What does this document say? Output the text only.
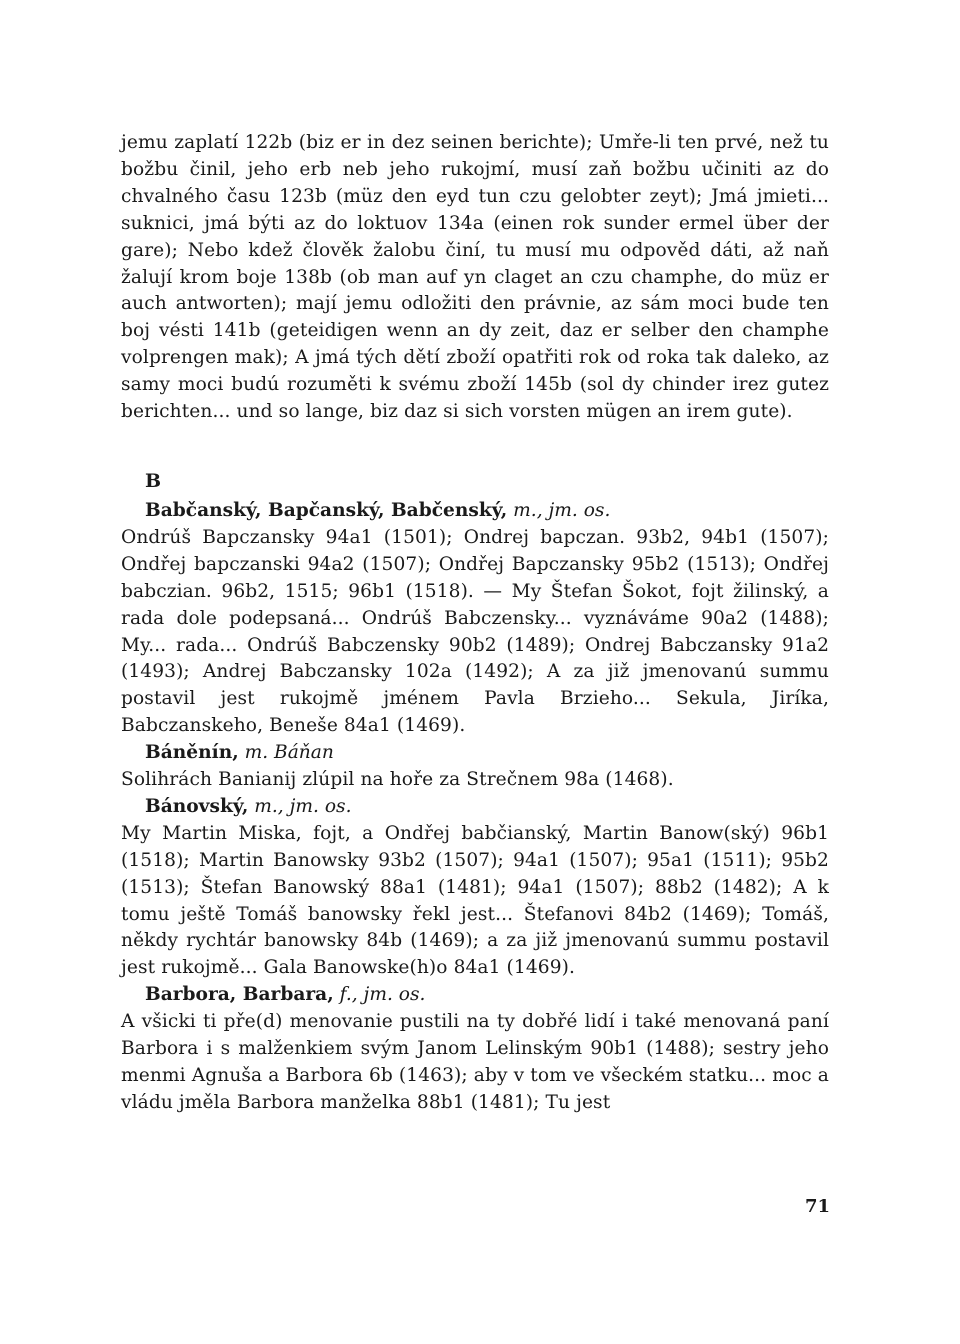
jemu zaplatí 122b (biz er in dez seinen berichte); Umře-li ten prvé, než tu božbu činil, jeho erb neb jeho rukojmí, musí zaň božbu učiniti az do chvalného času 123b (müz den eyd tun czu gelobter zeyt); Jmá jmieti... suknici, jmá býti az do loktuov 134a (einen rok sunder ermel über der gare); Nebo kdež člověk žalobu činí, tu musí mu odpověd dáti, až naň žalují krom boje 138b (ob man auf yn claget an czu champhe, do müz er auch antworten); mají jemu odložiti den právnie, az sám moci bude ten boj vésti 141b (geteidigen wenn an dy zeit, daz er selber den champhe volprengen mak); A jmá tých dětí zboží opatřiti rok od roka tak daleko, az samy moci budú rozuměti k svému zboží 145b (sol dy chinder irez gutez berichten... und so lange, biz daz si sich vorsten mügen an irem gute).

B
Babčanský, Bapčanský, Babčenský, m., jm. os.

Ondrúš Bapczansky 94a1 (1501); Ondrej bapczan. 93b2, 94b1 (1507); Ondřej bapczanski 94a2 (1507); Ondřej Bapczansky 95b2 (1513); Ondřej babczian. 96b2, 1515; 96b1 (1518). — My Štefan Šokot, fojt žilinský, a rada dole podepsaná... Ondrúš Babczensky... vyznáváme 90a2 (1488); My... rada... Ondrúš Babczensky 90b2 (1489); Ondrej Babczansky 91a2 (1493); Andrej Babczansky 102a (1492); A za již jmenovanú summu postavil jest rukojmě jménem Pavla Brzieho... Sekula, Jiríka, Babczanskeho, Beneše 84a1 (1469).

Báněnín, m. Báňan

Solihrách Banianij zlúpil na hoře za Strečnem 98a (1468).

Bánovský, m., jm. os.

My Martin Miska, fojt, a Ondřej babčianský, Martin Banow(ský) 96b1 (1518); Martin Banowsky 93b2 (1507); 94a1 (1507); 95a1 (1511); 95b2 (1513); Štefan Banowský 88a1 (1481); 94a1 (1507); 88b2 (1482); A k tomu ještě Tomáš banowsky řekl jest... Štefanovi 84b2 (1469); Tomáš, někdy rychtár banowsky 84b (1469); a za již jmenovanú summu postavil jest rukojmě... Gala Banowske(h)o 84a1 (1469).

Barbora, Barbara, f., jm. os.

A všicki ti pře(d) menovanie pustili na ty dobřé lidí i také menovaná paní Barbora i s malženkiem svým Janom Lelinským 90b1 (1488); sestry jeho menmi Agnuša a Barbora 6b (1463); aby v tom ve všeckém statku... moc a vládu jměla Barbora manželka 88b1 (1481); Tu jest

71
